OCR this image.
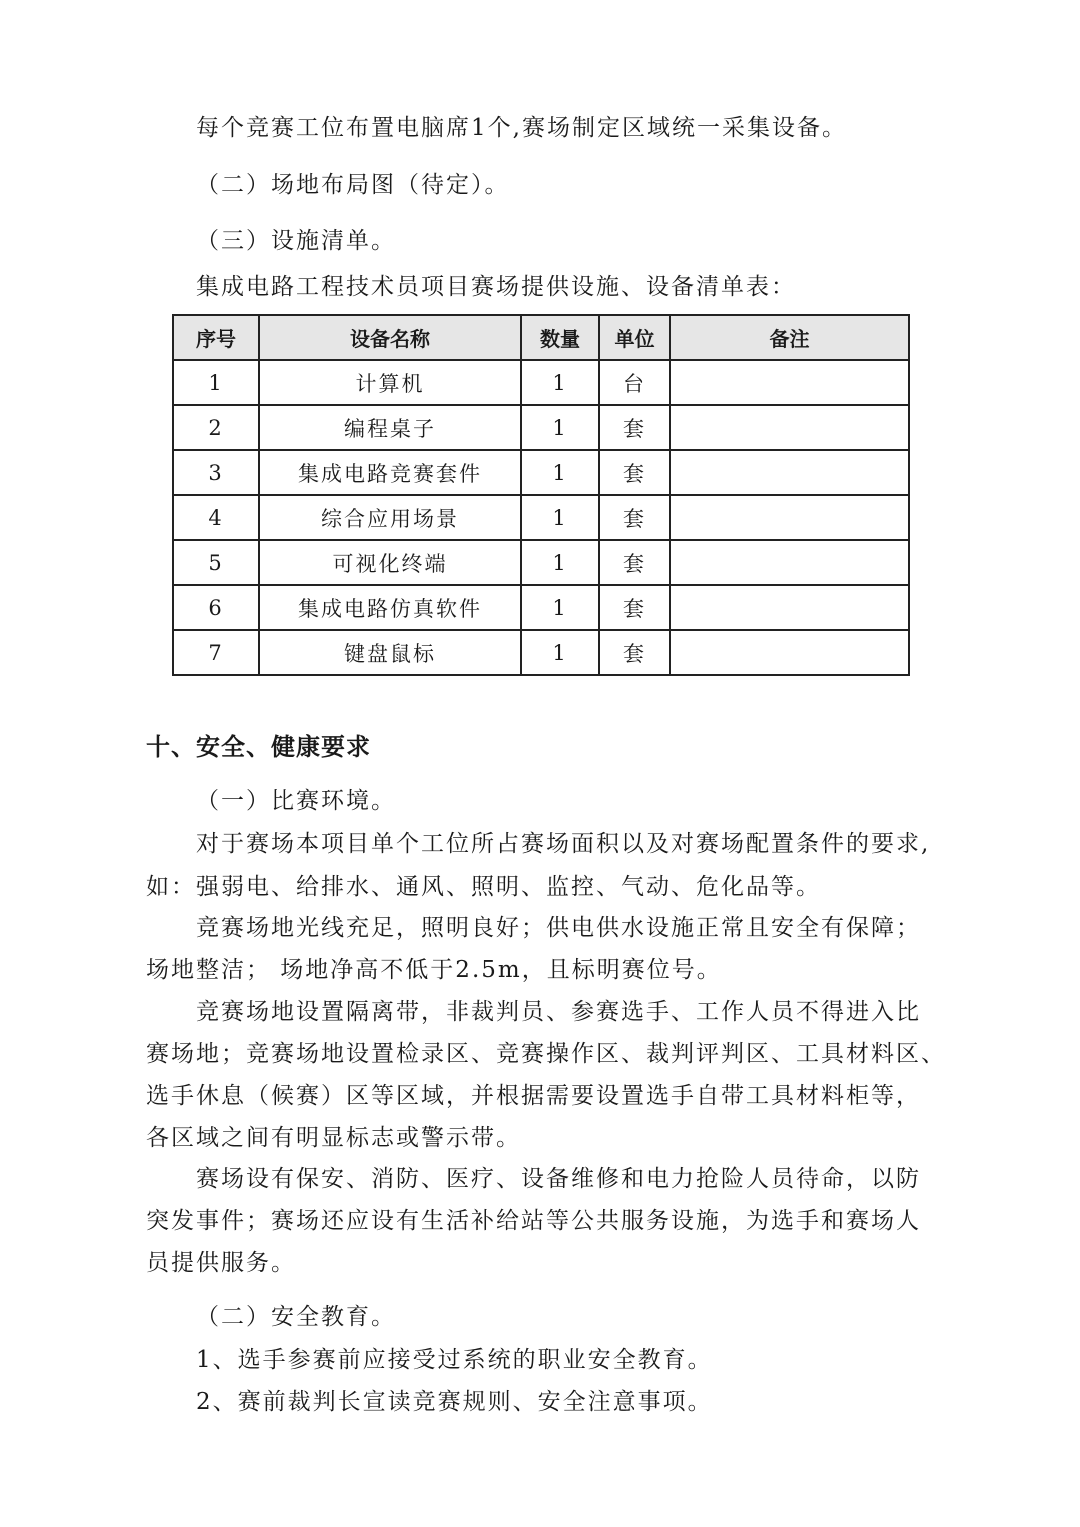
每个竞赛工位布置电脑席1个,赛场制定区域统一采集设备。
（二）场地布局图（待定）。
（三）设施清单。
集成电路工程技术员项目赛场提供设施、设备清单表：
序号	设备名称	数量	单位	备注
1	计算机	1	台	
2	编程桌子	1	套	
3	集成电路竞赛套件	1	套	
4	综合应用场景	1	套	
5	可视化终端	1	套	
6	集成电路仿真软件	1	套	
7	键盘鼠标	1	套	
十、安全、健康要求
（一）比赛环境。
对于赛场本项目单个工位所占赛场面积以及对赛场配置条件的要求,
如：强弱电、给排水、通风、照明、监控、气动、危化品等。
竞赛场地光线充足，照明良好；供电供水设施正常且安全有保障；
场地整洁； 场地净高不低于2.5m，且标明赛位号。
竞赛场地设置隔离带，非裁判员、参赛选手、工作人员不得进入比
赛场地；竞赛场地设置检录区、竞赛操作区、裁判评判区、工具材料区、
选手休息（候赛）区等区域，并根据需要设置选手自带工具材料柜等，
各区域之间有明显标志或警示带。
赛场设有保安、消防、医疗、设备维修和电力抢险人员待命，以防
突发事件；赛场还应设有生活补给站等公共服务设施，为选手和赛场人
员提供服务。
（二）安全教育。
1、选手参赛前应接受过系统的职业安全教育。
2、赛前裁判长宣读竞赛规则、安全注意事项。
